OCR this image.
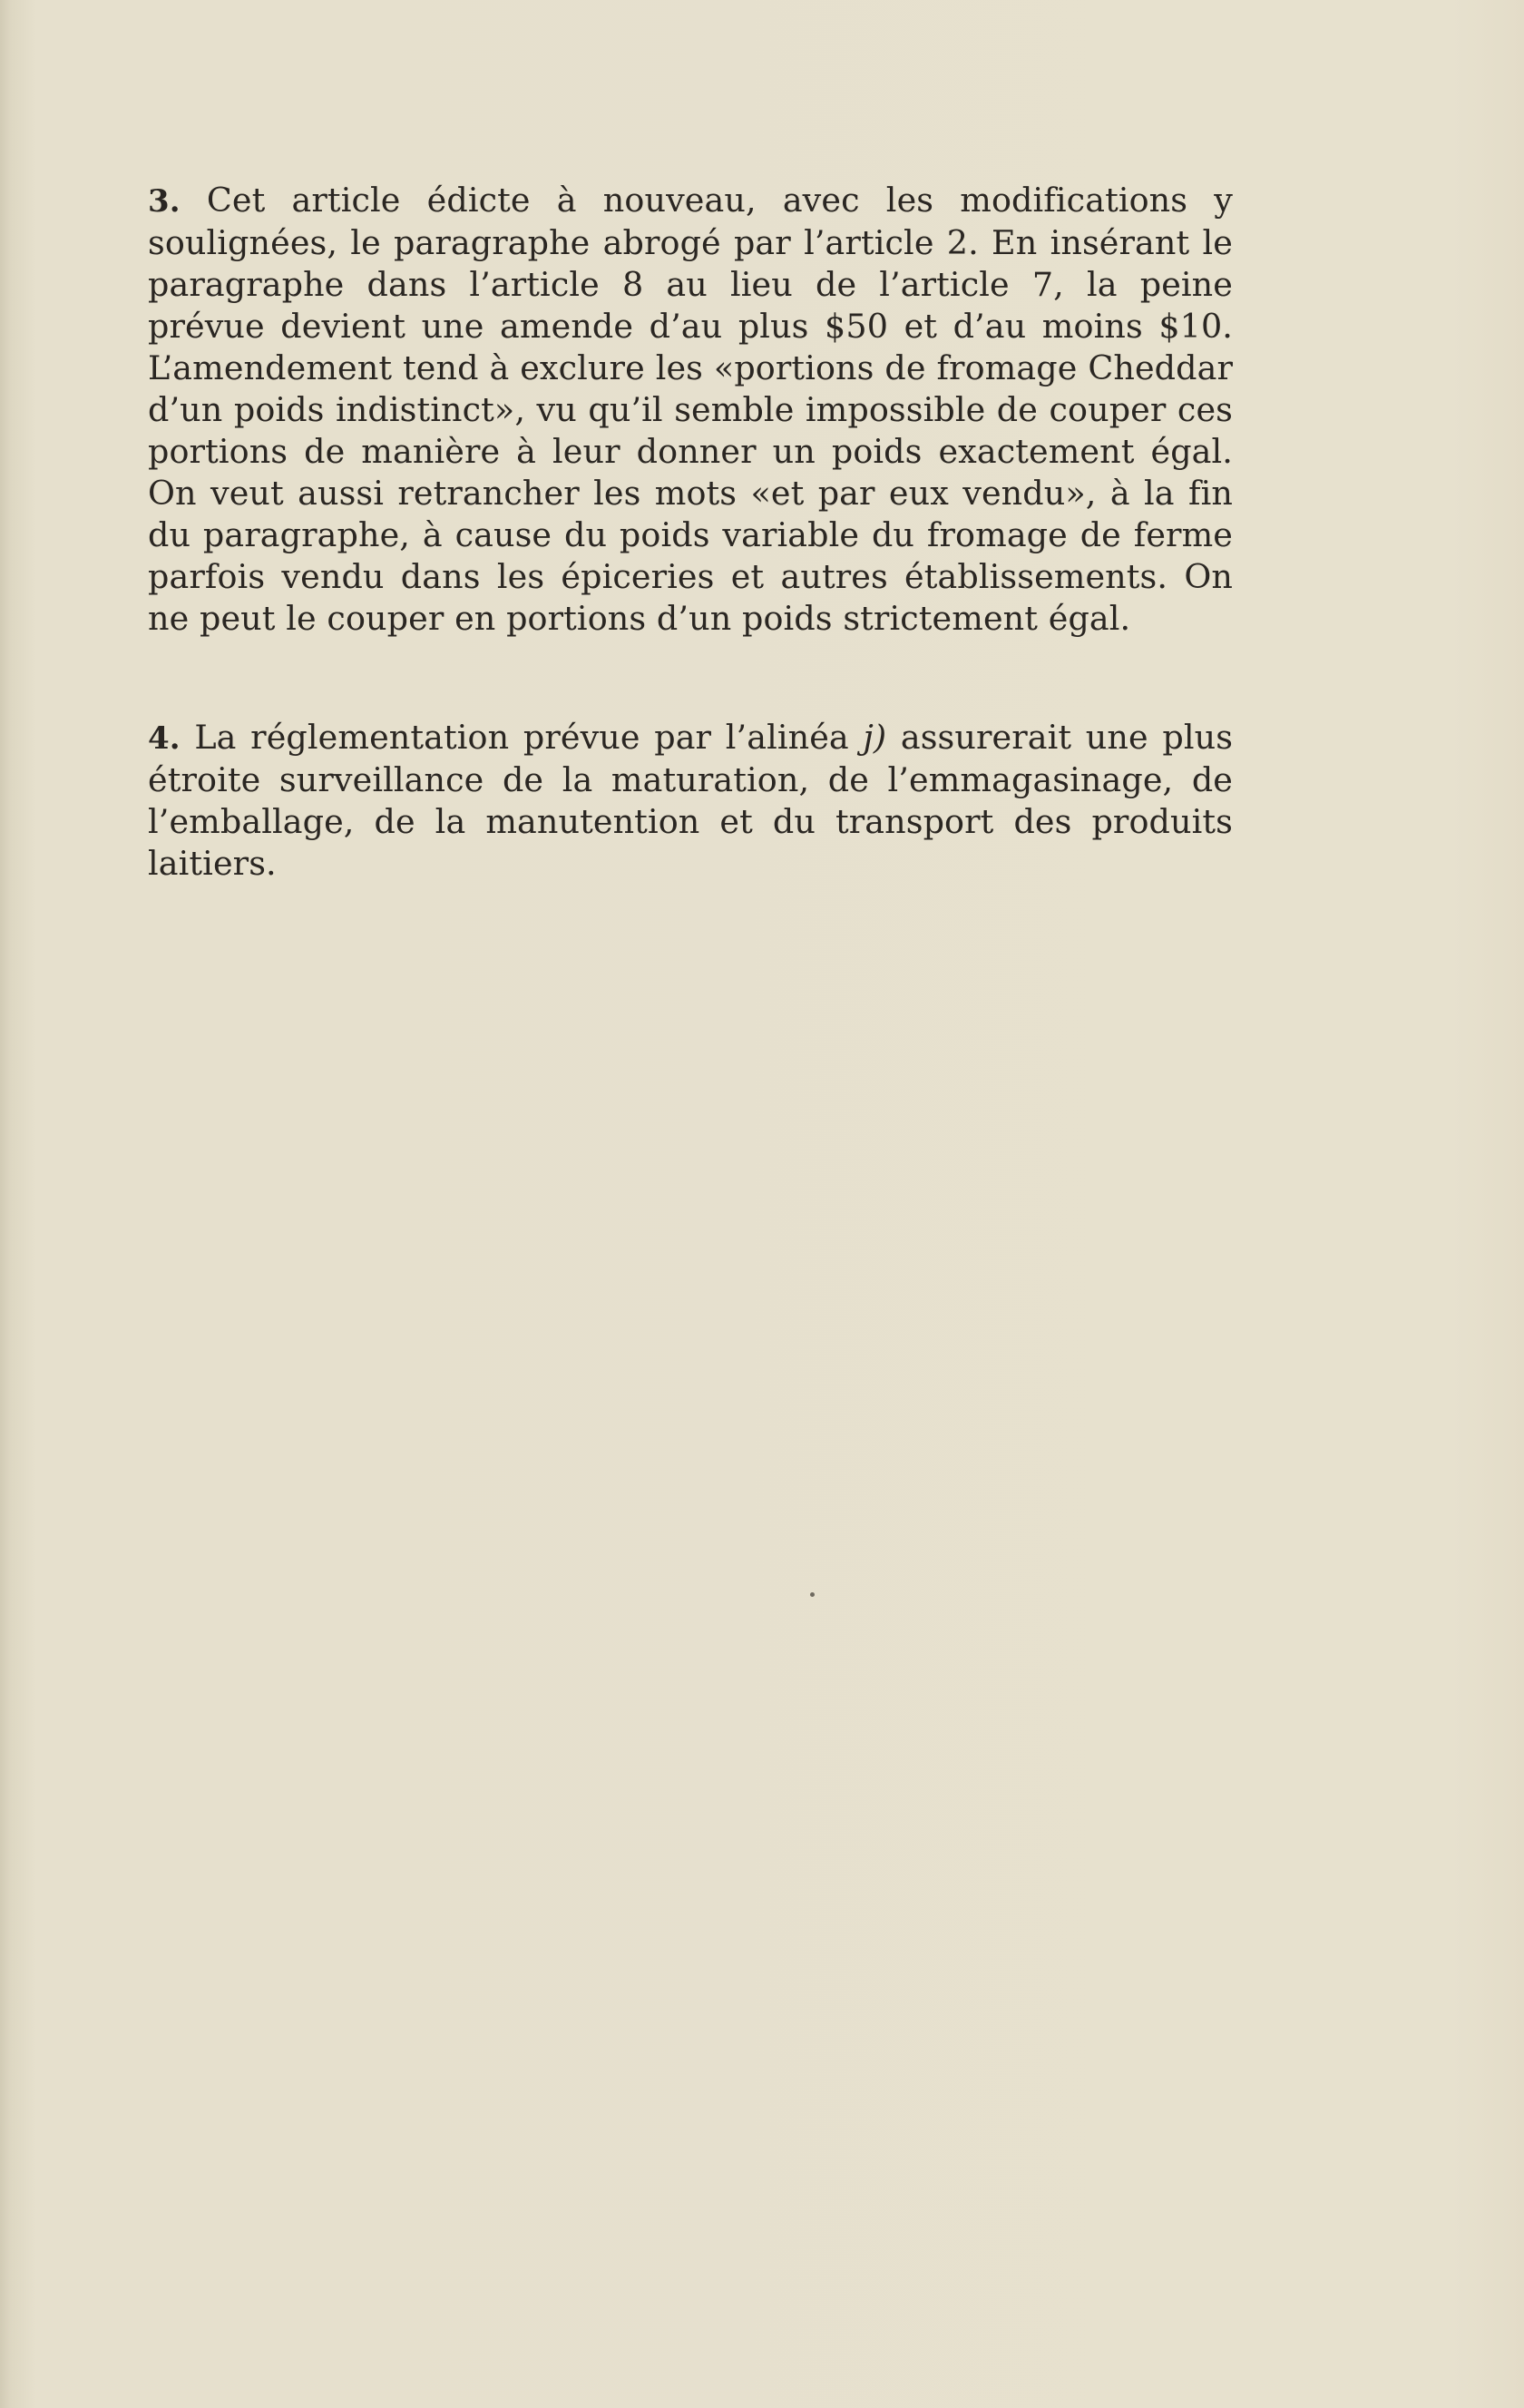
3. Cet article édicte à nouveau, avec les modifications y soulignées, le paragraphe abrogé par l’article 2. En insérant le paragraphe dans l’article 8 au lieu de l’article 7, la peine prévue devient une amende d’au plus $50 et d’au moins $10. L’amendement tend à exclure les «portions de fromage Cheddar d’un poids indistinct», vu qu’il semble impossible de couper ces portions de manière à leur donner un poids exactement égal. On veut aussi retrancher les mots «et par eux vendu», à la fin du paragraphe, à cause du poids variable du fromage de ferme parfois vendu dans les épiceries et autres établissements. On ne peut le couper en portions d’un poids strictement égal.

4. La réglementation prévue par l’alinéa j) assurerait une plus étroite surveillance de la maturation, de l’emmagasinage, de l’emballage, de la manutention et du transport des produits laitiers.
